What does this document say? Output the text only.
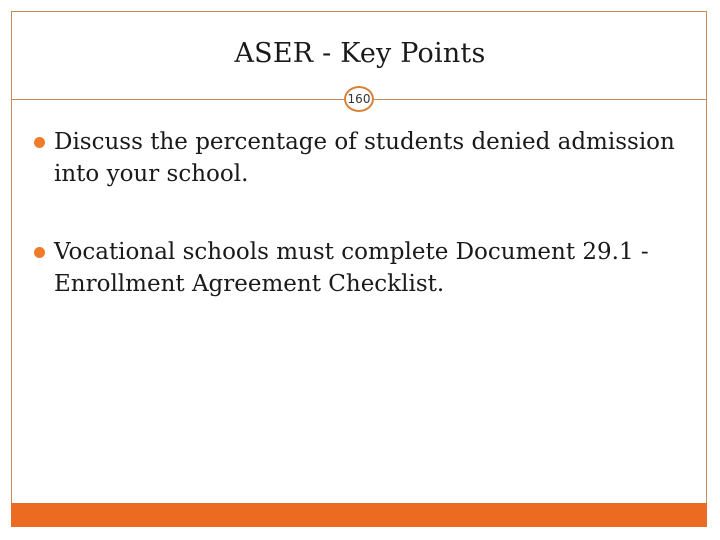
ASER - Key Points
160
Discuss the percentage of students denied admission into your school.
Vocational schools must complete Document 29.1 - Enrollment Agreement Checklist.
